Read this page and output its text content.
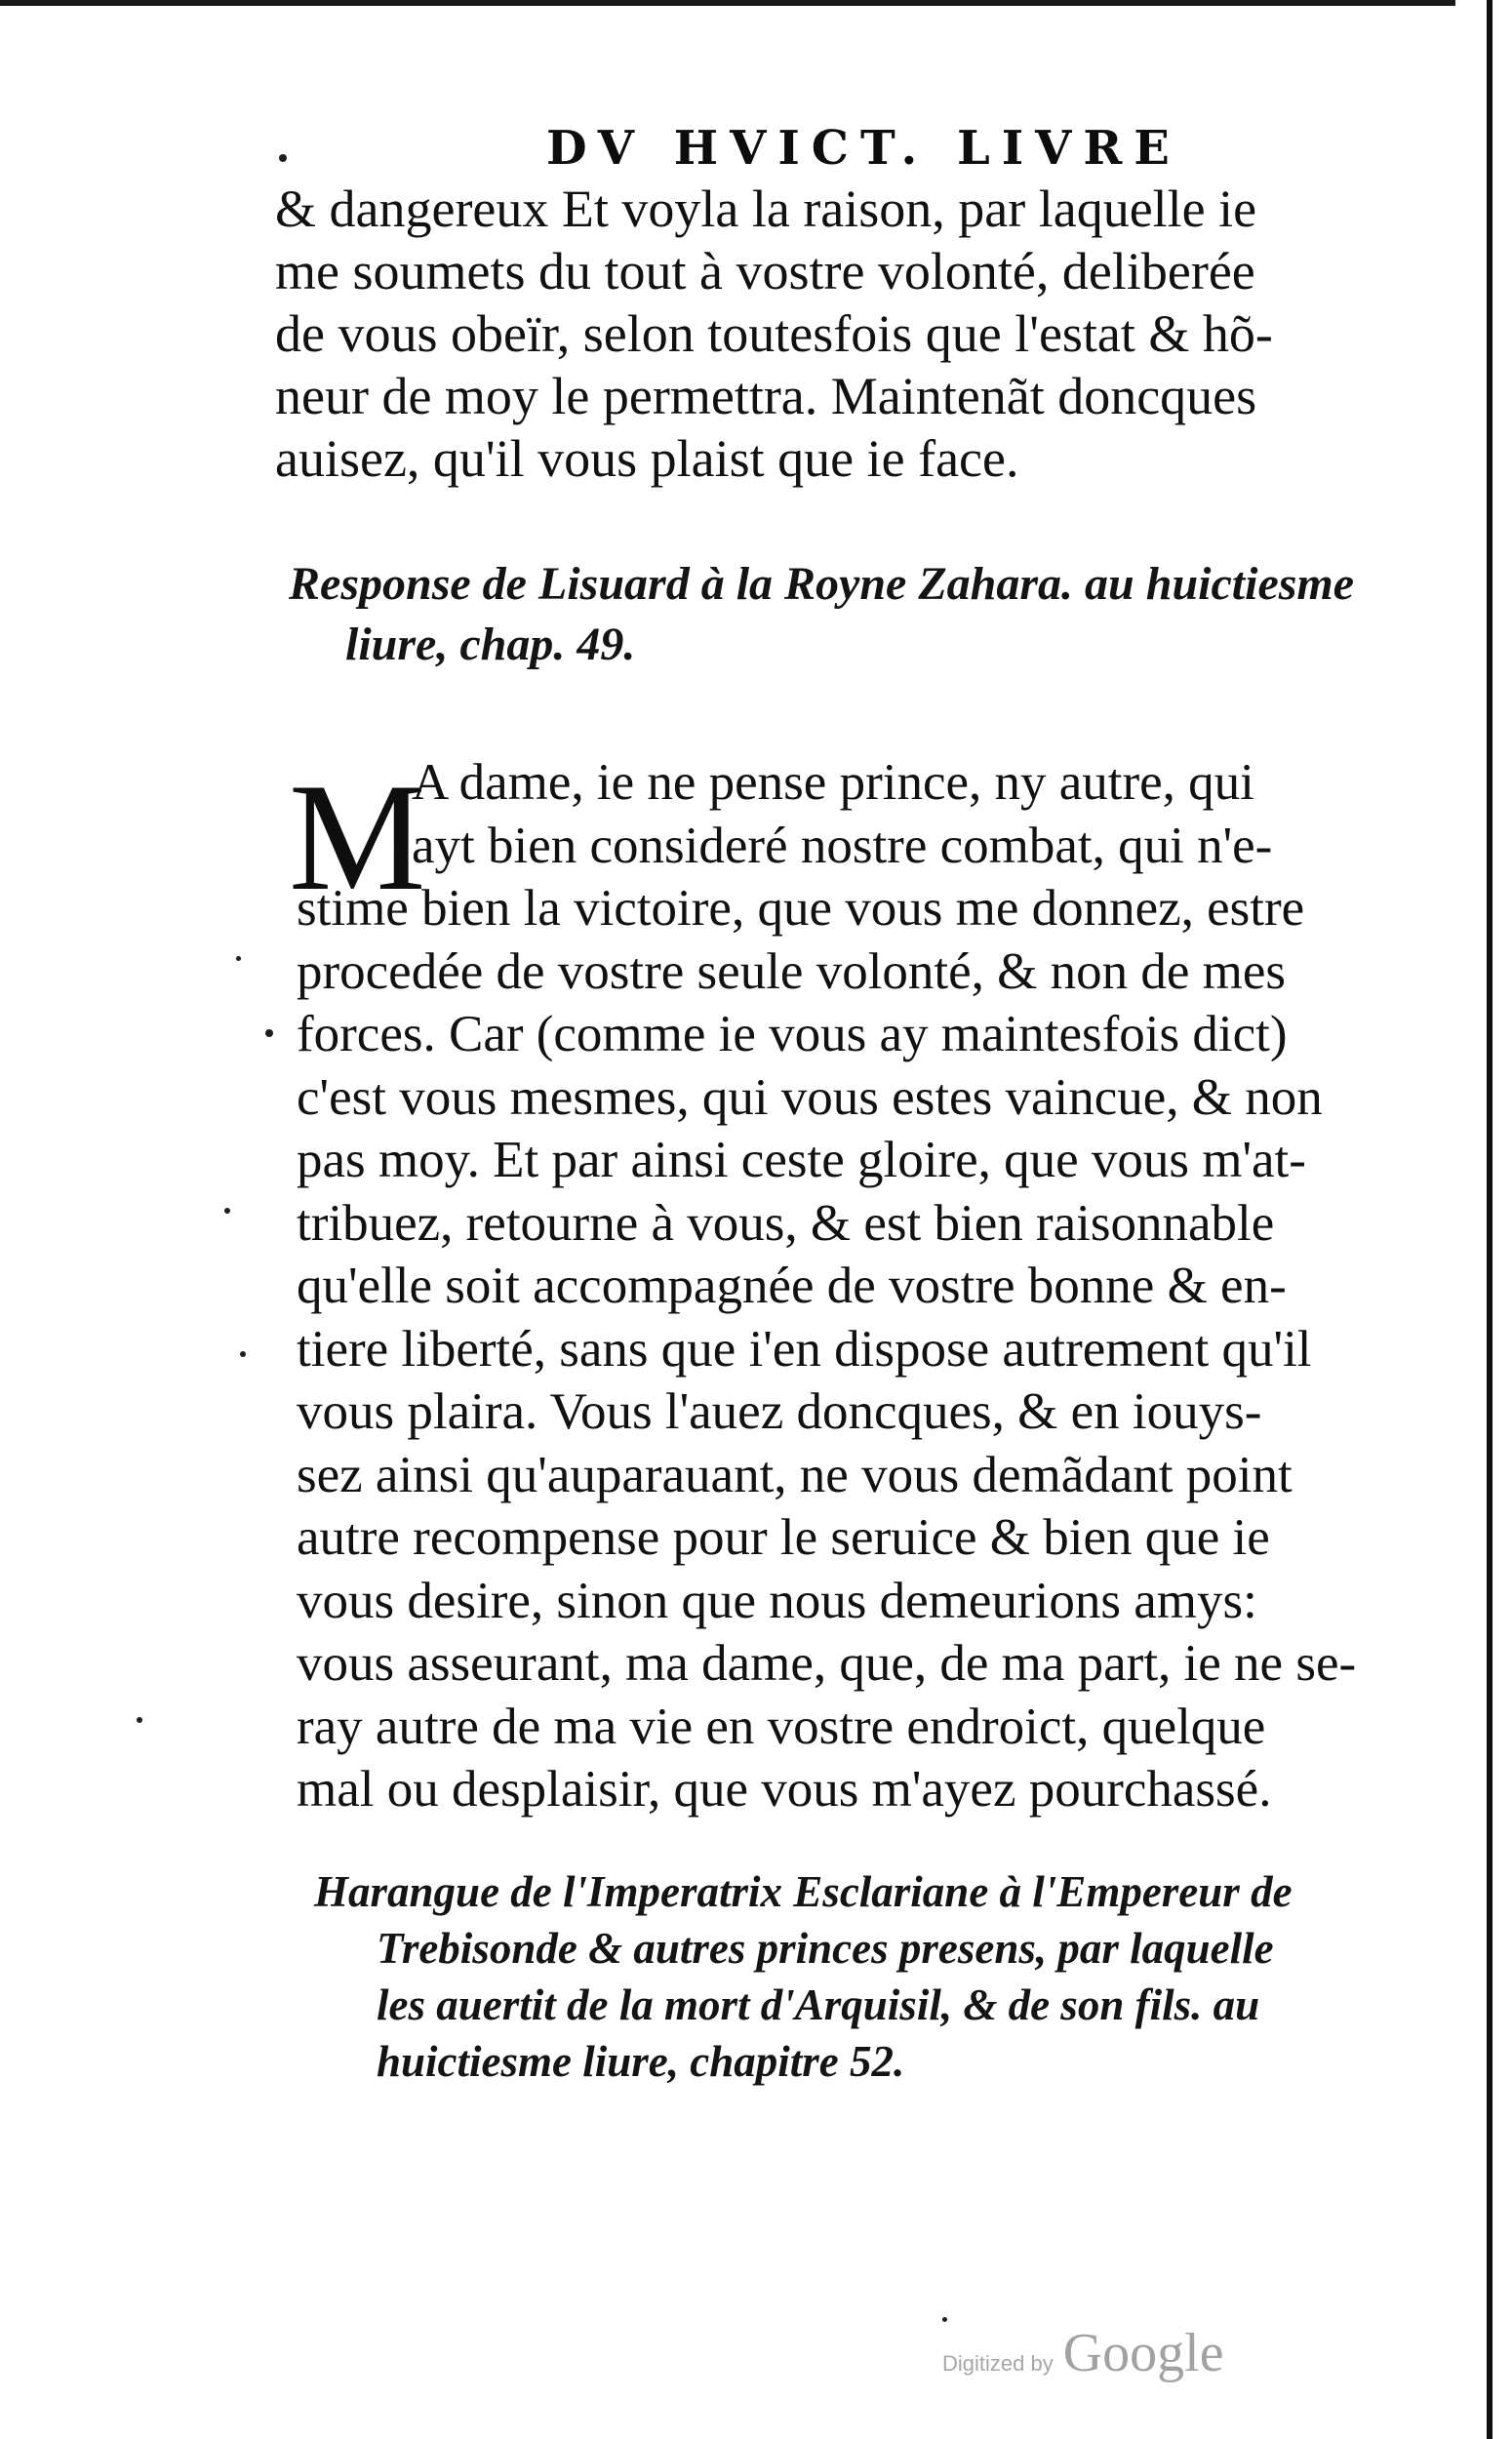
DV HVICT. LIVRE
& dangereux Et voyla la raison, par laquelle ie
me soumets du tout à vostre volonté, deliberée
de vous obeïr, selon toutesfois que l'estat & hõ-
neur de moy le permettra. Maintenãt doncques
auisez, qu'il vous plaist que ie face.
Response de Lisuard à la Royne Zahara. au huictiesme
liure, chap. 49.
M
A dame, ie ne pense prince, ny autre, qui
ayt bien consideré nostre combat, qui n'e-
stime bien la victoire, que vous me donnez, estre
procedée de vostre seule volonté, & non de mes
forces. Car (comme ie vous ay maintesfois dict)
c'est vous mesmes, qui vous estes vaincue, & non
pas moy. Et par ainsi ceste gloire, que vous m'at-
tribuez, retourne à vous, & est bien raisonnable
qu'elle soit accompagnée de vostre bonne & en-
tiere liberté, sans que i'en dispose autrement qu'il
vous plaira. Vous l'auez doncques, & en iouys-
sez ainsi qu'auparauant, ne vous demãdant point
autre recompense pour le seruice & bien que ie
vous desire, sinon que nous demeurions amys:
vous asseurant, ma dame, que, de ma part, ie ne se-
ray autre de ma vie en vostre endroict, quelque
mal ou desplaisir, que vous m'ayez pourchassé.
Harangue de l'Imperatrix Esclariane à l'Empereur de
Trebisonde & autres princes presens, par laquelle
les auertit de la mort d'Arquisil, & de son fils. au
huictiesme liure, chapitre 52.
Digitized by Google
